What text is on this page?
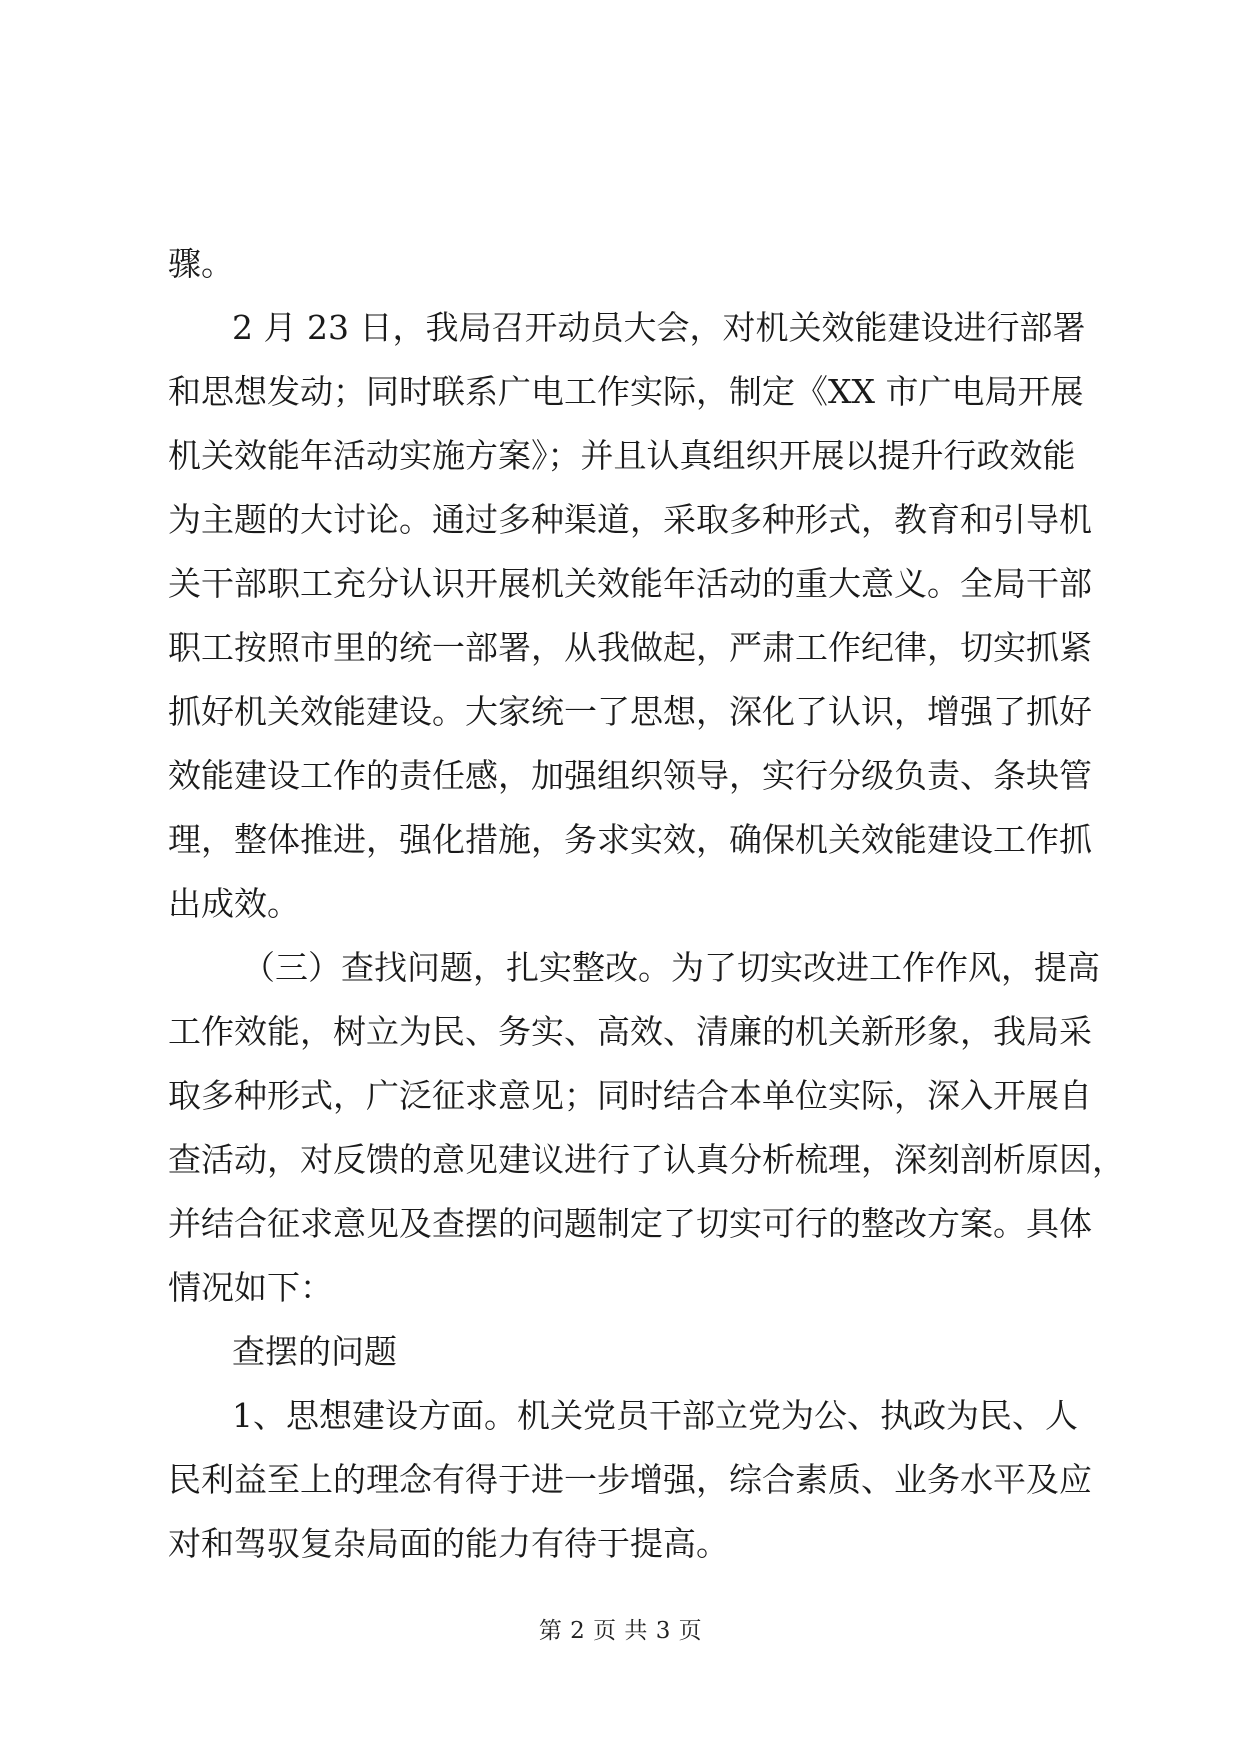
骤。
2 月 23 日，我局召开动员大会，对机关效能建设进行部署
和思想发动；同时联系广电工作实际，制定《XX 市广电局开展
机关效能年活动实施方案》；并且认真组织开展以提升行政效能
为主题的大讨论。通过多种渠道，采取多种形式，教育和引导机
关干部职工充分认识开展机关效能年活动的重大意义。全局干部
职工按照市里的统一部署，从我做起，严肃工作纪律，切实抓紧
抓好机关效能建设。大家统一了思想，深化了认识，增强了抓好
效能建设工作的责任感，加强组织领导，实行分级负责、条块管
理，整体推进，强化措施，务求实效，确保机关效能建设工作抓
出成效。
（三）查找问题，扎实整改。为了切实改进工作作风，提高
工作效能，树立为民、务实、高效、清廉的机关新形象，我局采
取多种形式，广泛征求意见；同时结合本单位实际，深入开展自
查活动，对反馈的意见建议进行了认真分析梳理，深刻剖析原因，
并结合征求意见及查摆的问题制定了切实可行的整改方案。具体
情况如下：
查摆的问题
1、思想建设方面。机关党员干部立党为公、执政为民、人
民利益至上的理念有得于进一步增强，综合素质、业务水平及应
对和驾驭复杂局面的能力有待于提高。
第 2 页 共 3 页
